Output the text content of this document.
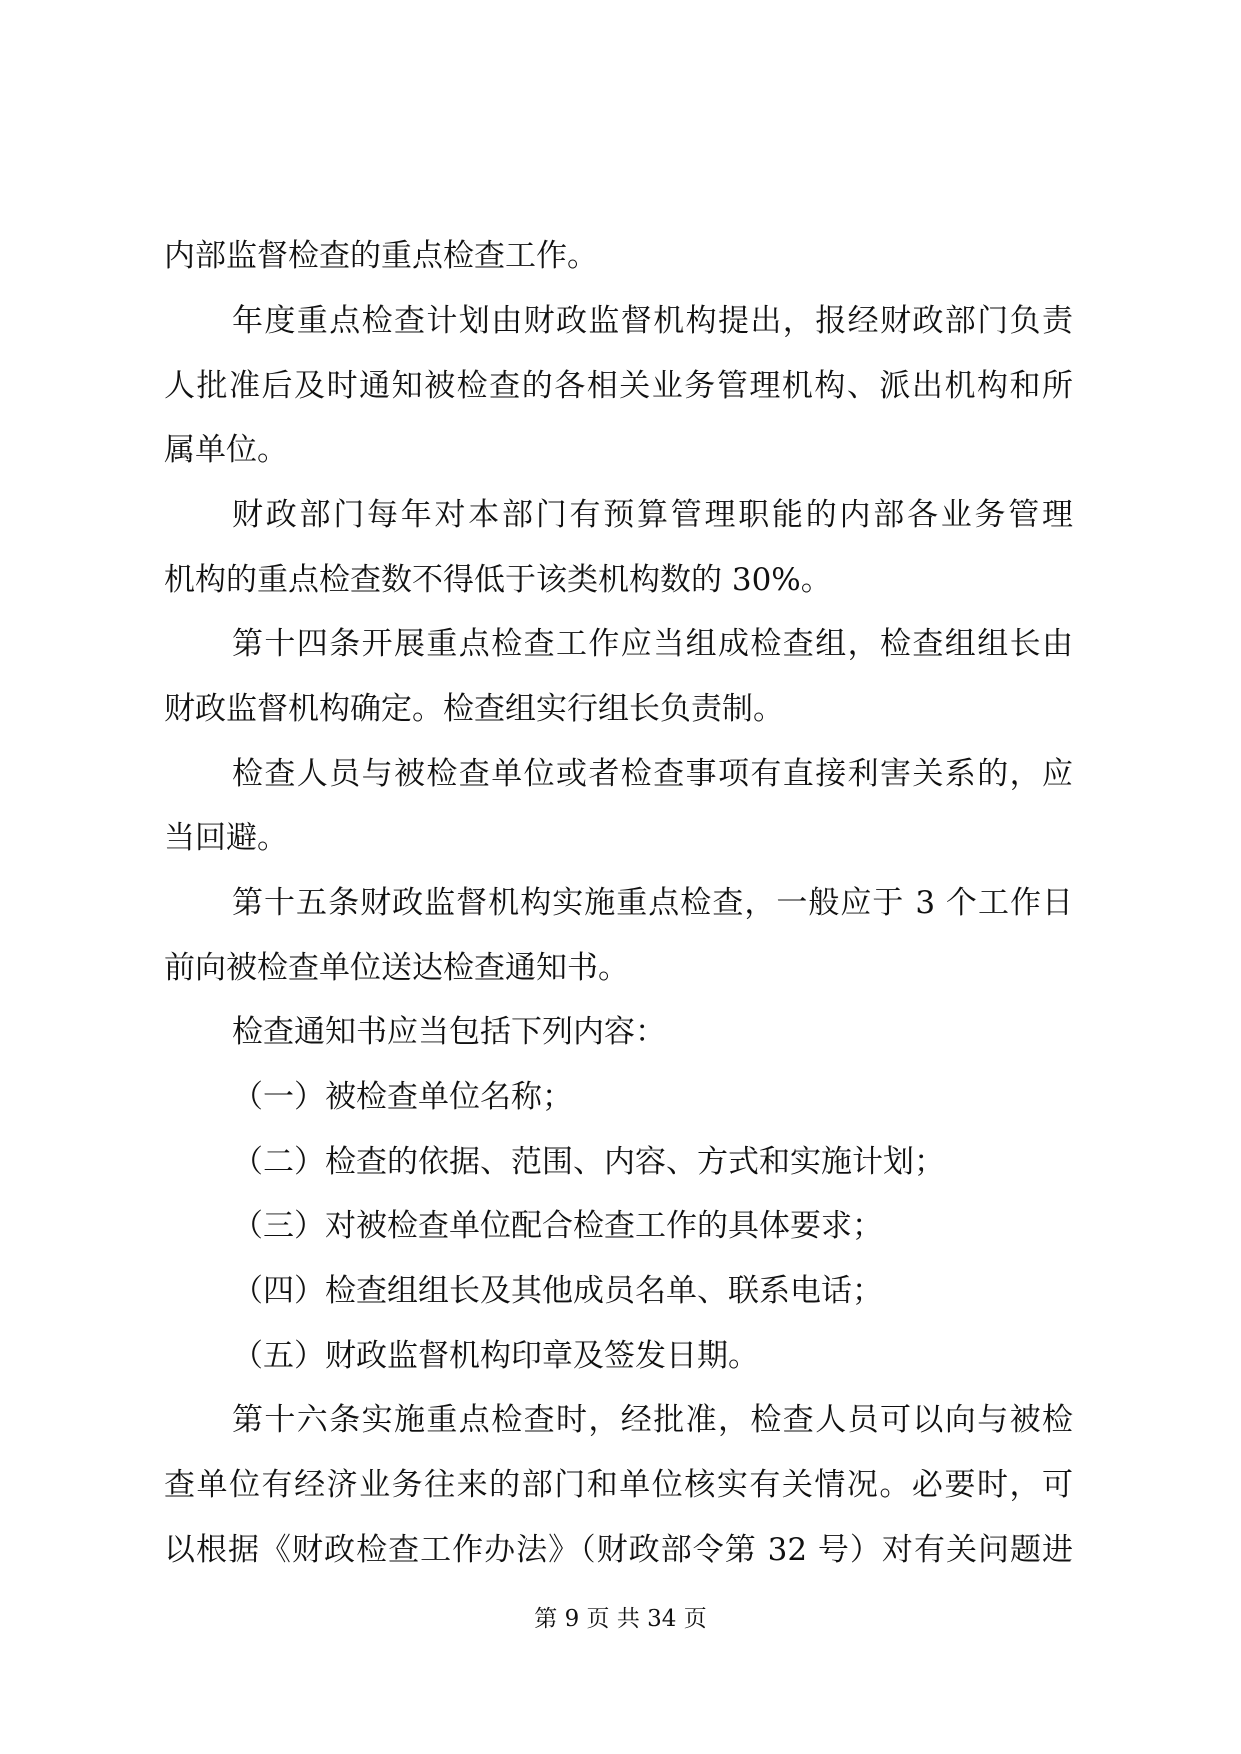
内部监督检查的重点检查工作。
年度重点检查计划由财政监督机构提出，报经财政部门负责
人批准后及时通知被检查的各相关业务管理机构、派出机构和所
属单位。
财政部门每年对本部门有预算管理职能的内部各业务管理
机构的重点检查数不得低于该类机构数的 30%。
第十四条开展重点检查工作应当组成检查组，检查组组长由
财政监督机构确定。检查组实行组长负责制。
检查人员与被检查单位或者检查事项有直接利害关系的，应
当回避。
第十五条财政监督机构实施重点检查，一般应于 3 个工作日
前向被检查单位送达检查通知书。
检查通知书应当包括下列内容：
（一）被检查单位名称；
（二）检查的依据、范围、内容、方式和实施计划；
（三）对被检查单位配合检查工作的具体要求；
（四）检查组组长及其他成员名单、联系电话；
（五）财政监督机构印章及签发日期。
第十六条实施重点检查时，经批准，检查人员可以向与被检
查单位有经济业务往来的部门和单位核实有关情况。必要时，可
以根据《财政检查工作办法》（财政部令第 32 号）对有关问题进
第 9 页 共 34 页
